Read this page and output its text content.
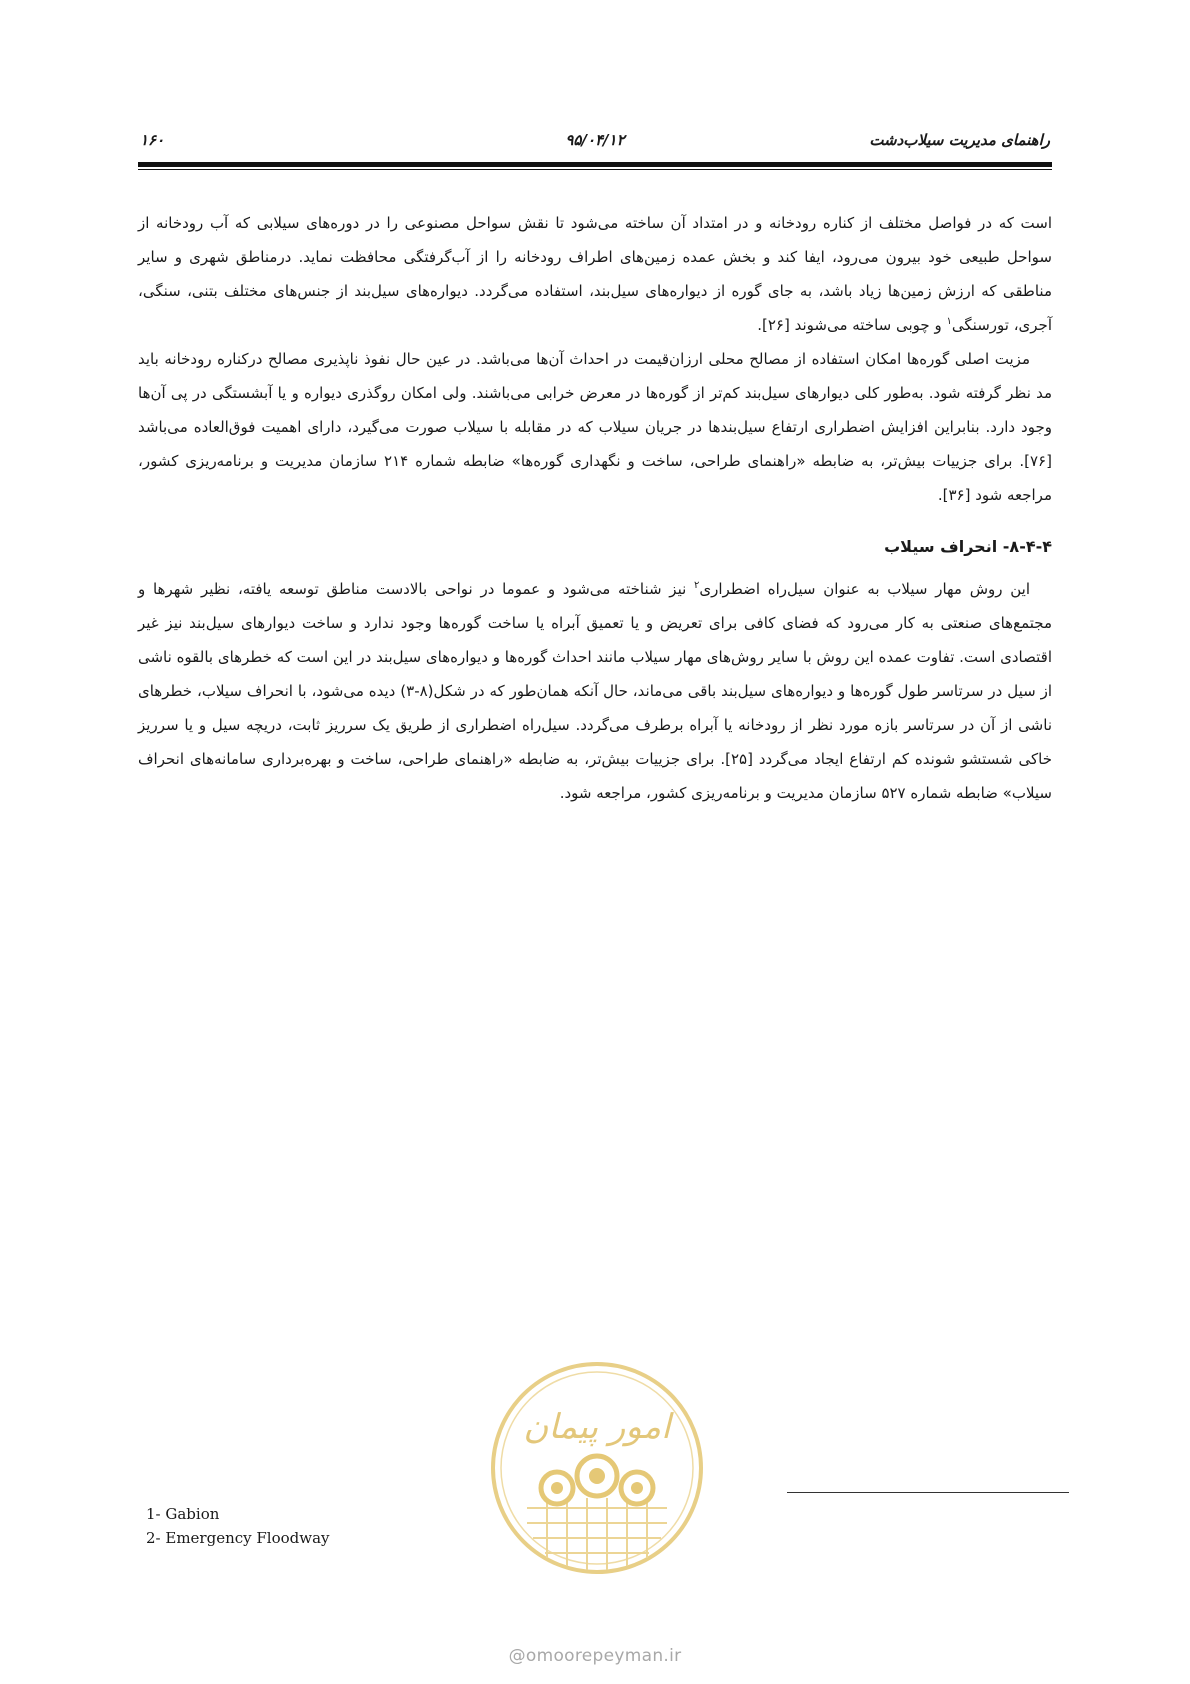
۱۶۰	۹۵/۰۴/۱۲	راهنمای مدیریت سیلاب‌دشت

است که در فواصل مختلف از کناره رودخانه و در امتداد آن ساخته می‌شود تا نقش سواحل مصنوعی را در دوره‌های سیلابی که آب رودخانه از سواحل طبیعی خود بیرون می‌رود، ایفا کند و بخش عمده زمین‌های اطراف رودخانه را از آب‌گرفتگی محافظت نماید. درمناطق شهری و سایر مناطقی که ارزش زمین‌ها زیاد باشد، به جای گوره از دیواره‌های سیل‌بند، استفاده می‌گردد. دیواره‌های سیل‌بند از جنس‌های مختلف بتنی، سنگی، آجری، تورسنگی$^۱$ و چوبی ساخته می‌شوند [۲۶].

مزیت اصلی گوره‌ها امکان استفاده از مصالح محلی ارزان‌قیمت در احداث آن‌ها می‌باشد. در عین حال نفوذ ناپذیری مصالح درکناره رودخانه باید مد نظر گرفته شود. به‌طور کلی دیوارهای سیل‌بند کم‌تر از گوره‌ها در معرض خرابی می‌باشند. ولی امکان روگذری دیواره و یا آبشستگی در پی آن‌ها وجود دارد. بنابراین افزایش اضطراری ارتفاع سیل‌بندها در جریان سیلاب که در مقابله با سیلاب صورت می‌گیرد، دارای اهمیت فوق‌العاده می‌باشد [۷۶]. برای جزییات بیش‌تر، به ضابطه «راهنمای طراحی، ساخت و نگهداری گوره‌ها» ضابطه شماره ۲۱۴ سازمان مدیریت و برنامه‌ریزی کشور، مراجعه شود [۳۶].

۸-۴-۴- انحراف سیلاب

این روش مهار سیلاب به عنوان سیل‌راه اضطراری$^۲$ نیز شناخته می‌شود و عموما در نواحی بالادست مناطق توسعه یافته، نظیر شهرها و مجتمع‌های صنعتی به کار می‌رود که فضای کافی برای تعریض و یا تعمیق آبراه یا ساخت گوره‌ها وجود ندارد و ساخت دیوارهای سیل‌بند نیز غیر اقتصادی است. تفاوت عمده این روش با سایر روش‌های مهار سیلاب مانند احداث گوره‌ها و دیواره‌های سیل‌بند در این است که خطرهای بالقوه ناشی از سیل در سرتاسر طول گوره‌ها و دیواره‌های سیل‌بند باقی می‌ماند، حال آنکه همان‌طور که در شکل(۸-۳) دیده می‌شود، با انحراف سیلاب، خطرهای ناشی از آن در سرتاسر بازه مورد نظر از رودخانه یا آبراه برطرف می‌گردد. سیل‌راه اضطراری از طریق یک سرریز ثابت، دریچه سیل و یا سرریز خاکی شستشو شونده کم ارتفاع ایجاد می‌گردد [۲۵]. برای جزییات بیش‌تر، به ضابطه «راهنمای طراحی، ساخت و بهره‌برداری سامانه‌های انحراف سیلاب» ضابطه شماره ۵۲۷ سازمان مدیریت و برنامه‌ریزی کشور، مراجعه شود.

امور پیمان
@omoorepeyman.ir
1- Gabion
2- Emergency Floodway
